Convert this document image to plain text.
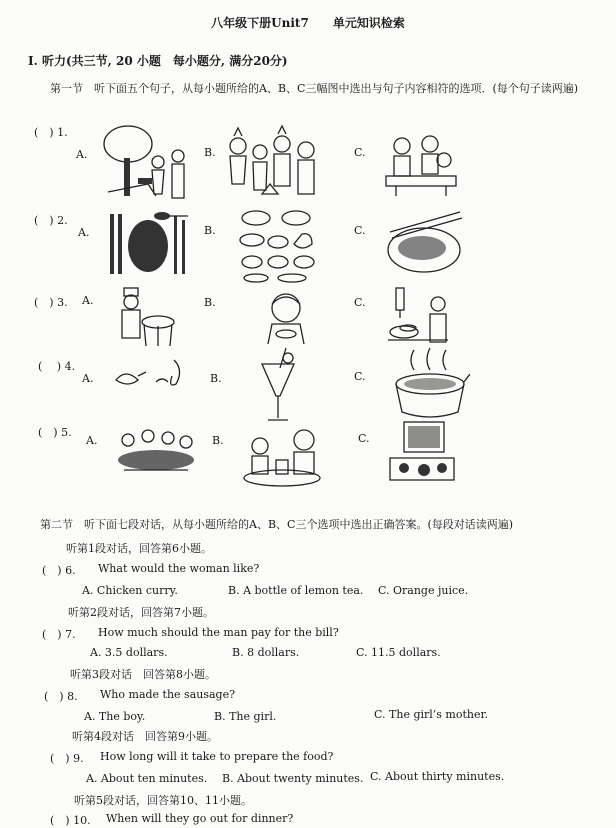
八年级下册Unit7　　单元知识检索
I. 听力(共三节, 20 小题　每小题分, 满分20分)
第一节　听下面五个句子，从每小题所给的A、B、C三幅图中选出与句子内容相符的选项．(每个句子读两遍)
(　) 1.
A.	B.	C.
(　) 2.
A.	B.	C.
(　) 3. A.	B.	C.
(　 ) 4.
A.	B.	C.
(　) 5.
A.	B.	C.
第二节　听下面七段对话，从每小题所给的A、B、C三个选项中选出正确答案。(每段对话读两遍)
听第1段对话，回答第6小题。
(　) 6. What would the woman like?
A. Chicken curry.	B. A bottle of lemon tea. C. Orange juice.
听第2段对话，回答第7小题。
(　) 7. How much should the man pay for the bill?
A. 3.5 dollars.	B. 8 dollars.	C. 11.5 dollars.
听第3段对话　回答第8小题。
(　) 8. Who made the sausage?
A. The boy.	B. The girl.	C. The girl’s mother.
听第4段对话　回答第9小题。
(　) 9. How long will it take to prepare the food?
A. About ten minutes. B. About twenty minutes. C. About thirty minutes.
听第5段对话，回答第10、11小题。
(　) 10. When will they go out for dinner?
